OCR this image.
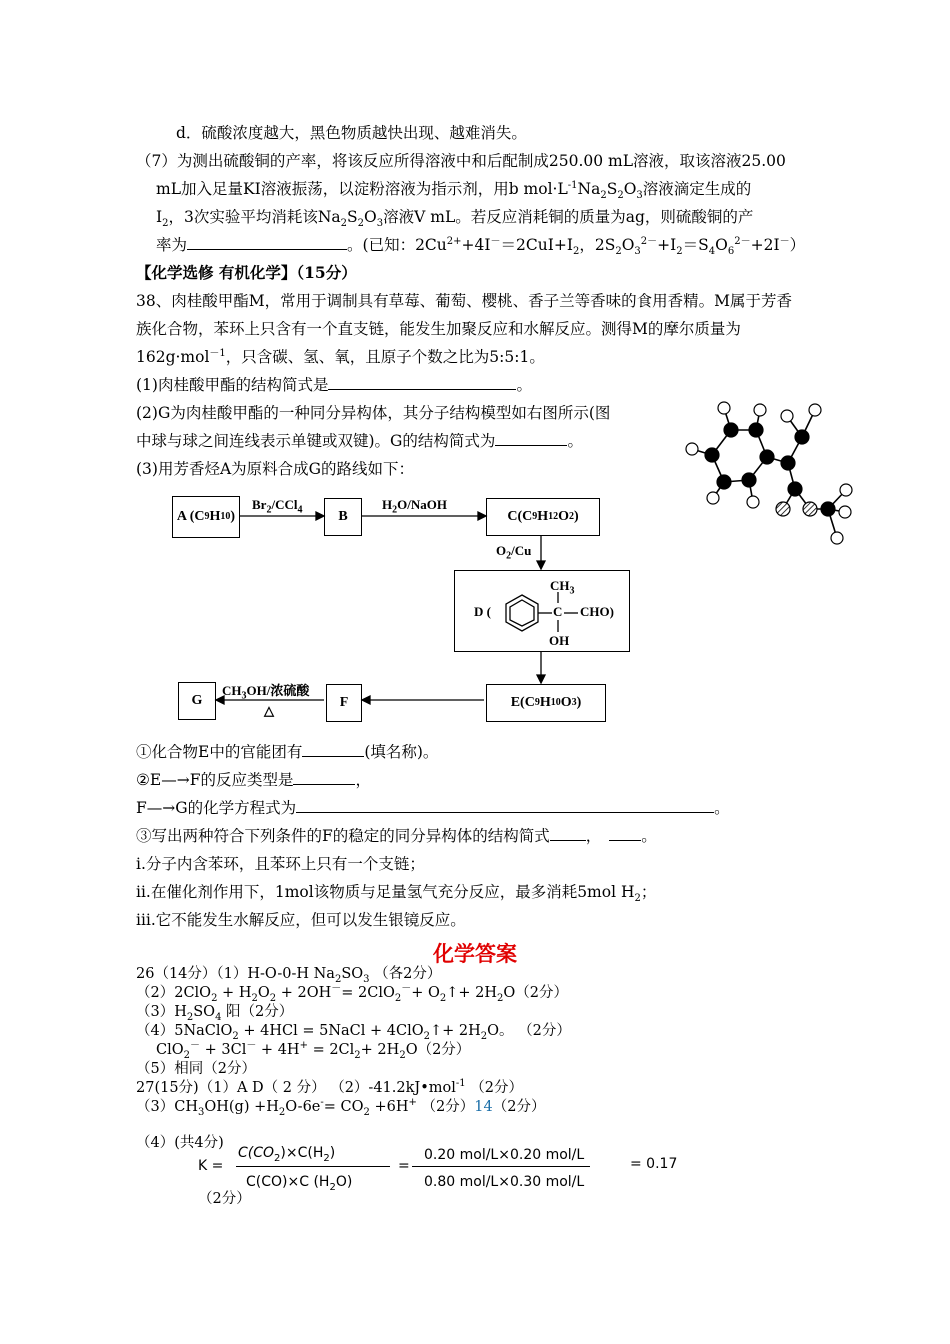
d．硫酸浓度越大，黑色物质越快出现、越难消失。
（7）为测出硫酸铜的产率，将该反应所得溶液中和后配制成250.00 mL溶液，取该溶液25.00
mL加入足量KI溶液振荡，以淀粉溶液为指示剂，用b $mol\cdot L^{-1}Na_2S_2O_3$溶液滴定生成的
$I_2$，3次实验平均消耗该$Na_2S_2O_3$溶液V mL。若反应消耗铜的质量为ag，则硫酸铜的产
率为	。(已知：$2Cu^{2+}+4I^-=2CuI+I_2$，$2S_2O_3^{2-}+I_2=S_4O_6^{2-}+2I^-$）
【化学选修 有机化学】（15分）
38、肉桂酸甲酯M，常用于调制具有草莓、葡萄、樱桃、香子兰等香味的食用香精。M属于芳香
族化合物，苯环上只含有一个直支链，能发生加聚反应和水解反应。测得M的摩尔质量为
162g·mol$^{-1}$，只含碳、氢、氧，且原子个数之比为5:5:1。
(1)肉桂酸甲酯的结构简式是	。
(2)G为肉桂酸甲酯的一种同分异构体，其分子结构模型如右图所示(图
中球与球之间连线表示单键或双键)。G的结构简式为	。
(3)用芳香烃A为原料合成G的路线如下：
A (C 9 H 10 )	B	C(C 9 H 12 O 2 )
E(C 9 H 10 O 3 )
F
G
$Br_2/CCl_4$	$H_2O$/NaOH
$O_2/Cu$
$CH_3OH/$浓硫酸
△
D (
$CH_3$
C CHO)
OH
①化合物E中的官能团有	(填名称)。
②E—→F的反应类型是	，
F—→G的化学方程式为	。
③写出两种符合下列条件的F的稳定的同分异构体的结构简式 ，	。
ⅰ.分子内含苯环，且苯环上只有一个支链；
ⅱ.在催化剂作用下，1mol该物质与足量氢气充分反应，最多消耗5mol $H_2$；
ⅲ.它不能发生水解反应，但可以发生银镜反应。
化学答案
26（14分）（1）H-O-0-H $Na_2SO_3$ （各2分）
$(2)2ClO_2 + H_2O_2 + 2OH^-= 2ClO_2^-+$ $O_2↑+ 2H_2O(2$分）
$(3)H_2SO_4$ 阳（2分）
（4）5NaClO$_2$ + 4HCl = 5NaCl + 4ClO$_2$↑+ $2H_2O$。 （2分）
$ClO_2^- + 3Cl^- + 4H^+ = 2Cl_2+ 2H_2O(2$分）
（5）相同（2分）
27(15分)（1）A D（ 2 分） （2）-41.2kJ•mol$^{-1}$ （2分）
$(3)CH_3OH(g) +H_2O-6e^-= CO_2 +6H^+$ （2分）14（2分）
（4）(共4分)
K =
$C(CO_2)\times C(H_2)$
C(CO)×C $(H_2O)$
=
0.20 mol/L×0.20 mol/L
0.80 mol/L×0.30 mol/L
= 0.17
（2分）
